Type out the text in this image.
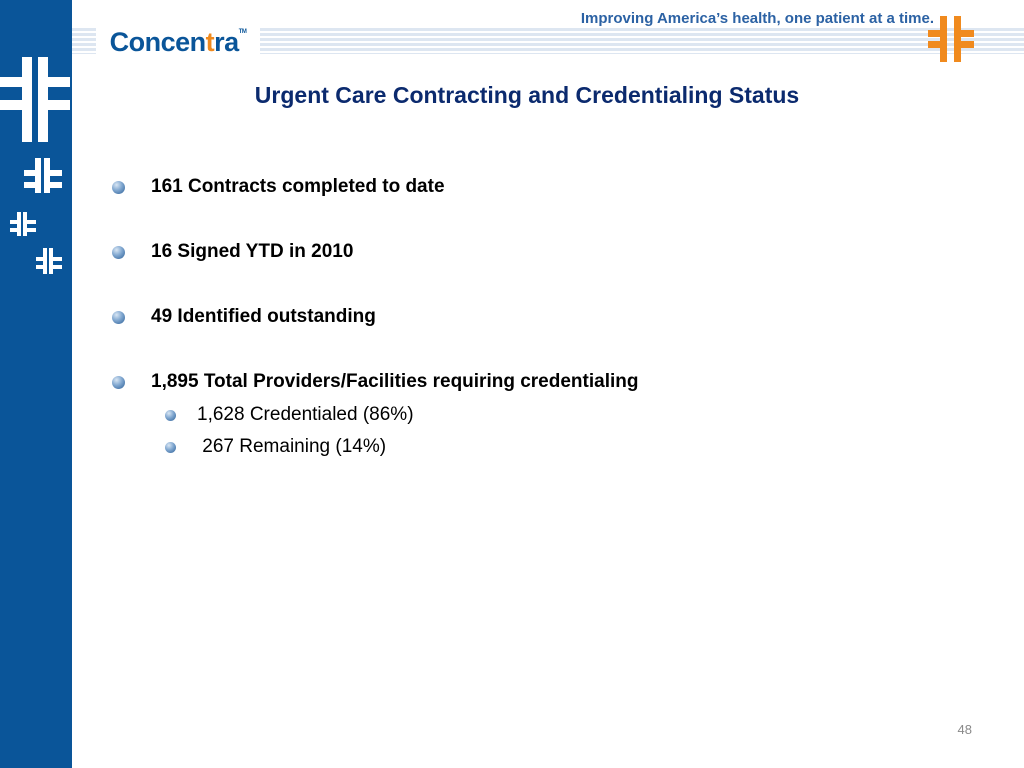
Concentra™
Improving America’s health, one patient at a time.
Urgent Care Contracting and Credentialing Status
161 Contracts completed to date
16 Signed YTD in 2010
49 Identified outstanding
1,895 Total Providers/Facilities requiring credentialing
1,628 Credentialed (86%)
267 Remaining (14%)
48
